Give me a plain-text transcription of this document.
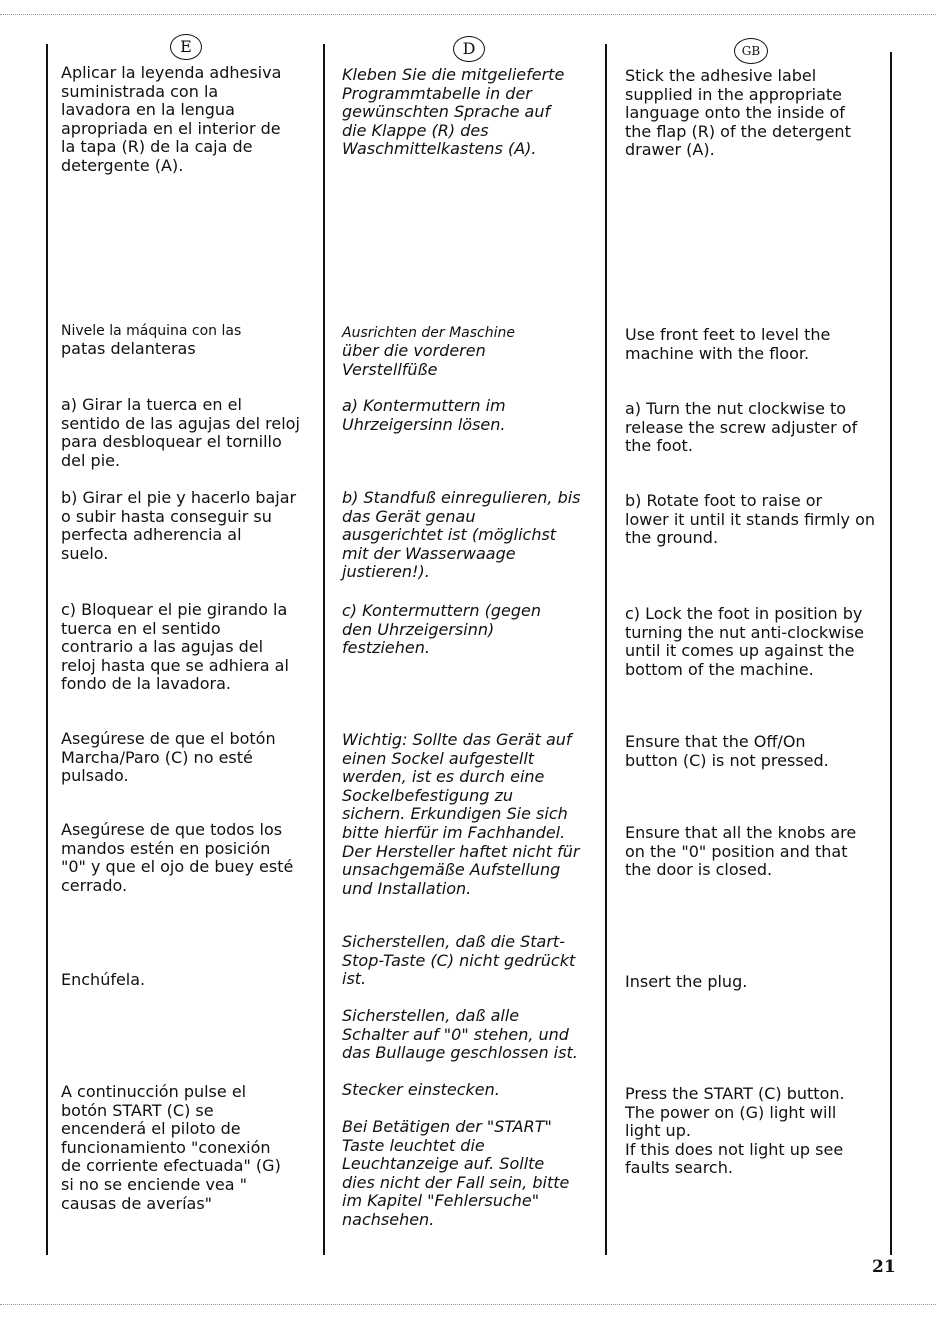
E

Aplicar la leyenda adhesiva
suministrada con la
lavadora en la lengua
apropriada en el interior de
la tapa (R) de la caja de
detergente (A).

Nivele la máquina con las

patas delanteras

a) Girar la tuerca en el
sentido de las agujas del reloj
para desbloquear el tornillo
del pie.

b) Girar el pie y hacerlo bajar
o subir hasta conseguir su
perfecta adherencia al
suelo.

c) Bloquear el pie girando la
tuerca en el sentido
contrario a las agujas del
reloj hasta que se adhiera al
fondo de la lavadora.

Asegúrese de que el botón
Marcha/Paro (C) no esté
pulsado.

Asegúrese de que todos los
mandos estén en posición
"0" y que el ojo de buey esté
cerrado.

Enchúfela.

A continucción pulse el
botón START (C) se
encenderá el piloto de
funcionamiento "conexión
de corriente efectuada" (G)
si no se enciende vea "
causas de averías"

D

Kleben Sie die mitgelieferte
Programmtabelle in der
gewünschten Sprache auf
die Klappe (R) des
Waschmittelkastens (A).

Ausrichten der Maschine

über die vorderen
Verstellfüße

a) Kontermuttern im
Uhrzeigersinn lösen.

b) Standfuß einregulieren, bis
das Gerät genau
ausgerichtet ist (möglichst
mit der Wasserwaage
justieren!).

c) Kontermuttern (gegen
den Uhrzeigersinn)
festziehen.

Wichtig: Sollte das Gerät auf
einen Sockel aufgestellt
werden, ist es durch eine
Sockelbefestigung zu
sichern. Erkundigen Sie sich
bitte hierfür im Fachhandel.
Der Hersteller haftet nicht für
unsachgemäße Aufstellung
und Installation.

Sicherstellen, daß die Start-
Stop-Taste (C) nicht gedrückt
ist.

Sicherstellen, daß alle
Schalter auf "0" stehen, und
das Bullauge geschlossen ist.

Stecker einstecken.

Bei Betätigen der "START"
Taste leuchtet die
Leuchtanzeige auf. Sollte
dies nicht der Fall sein, bitte
im Kapitel "Fehlersuche"
nachsehen.

GB

Stick the adhesive label
supplied in the appropriate
language onto the inside of
the flap (R) of the detergent
drawer (A).

Use front feet to level the
machine with the floor.

a) Turn the nut clockwise to
release the screw adjuster of
the foot.

b) Rotate foot to raise or
lower it until it stands firmly on
the ground.

c) Lock the foot in position by
turning the nut anti-clockwise
until it comes up against the
bottom of the machine.

Ensure that the Off/On
button (C) is not pressed.

Ensure that all the knobs are
on the "0" position and that
the door is closed.

Insert the plug.

Press the START (C) button.
The power on (G) light will
light up.
If this does not light up see
faults search.

21
